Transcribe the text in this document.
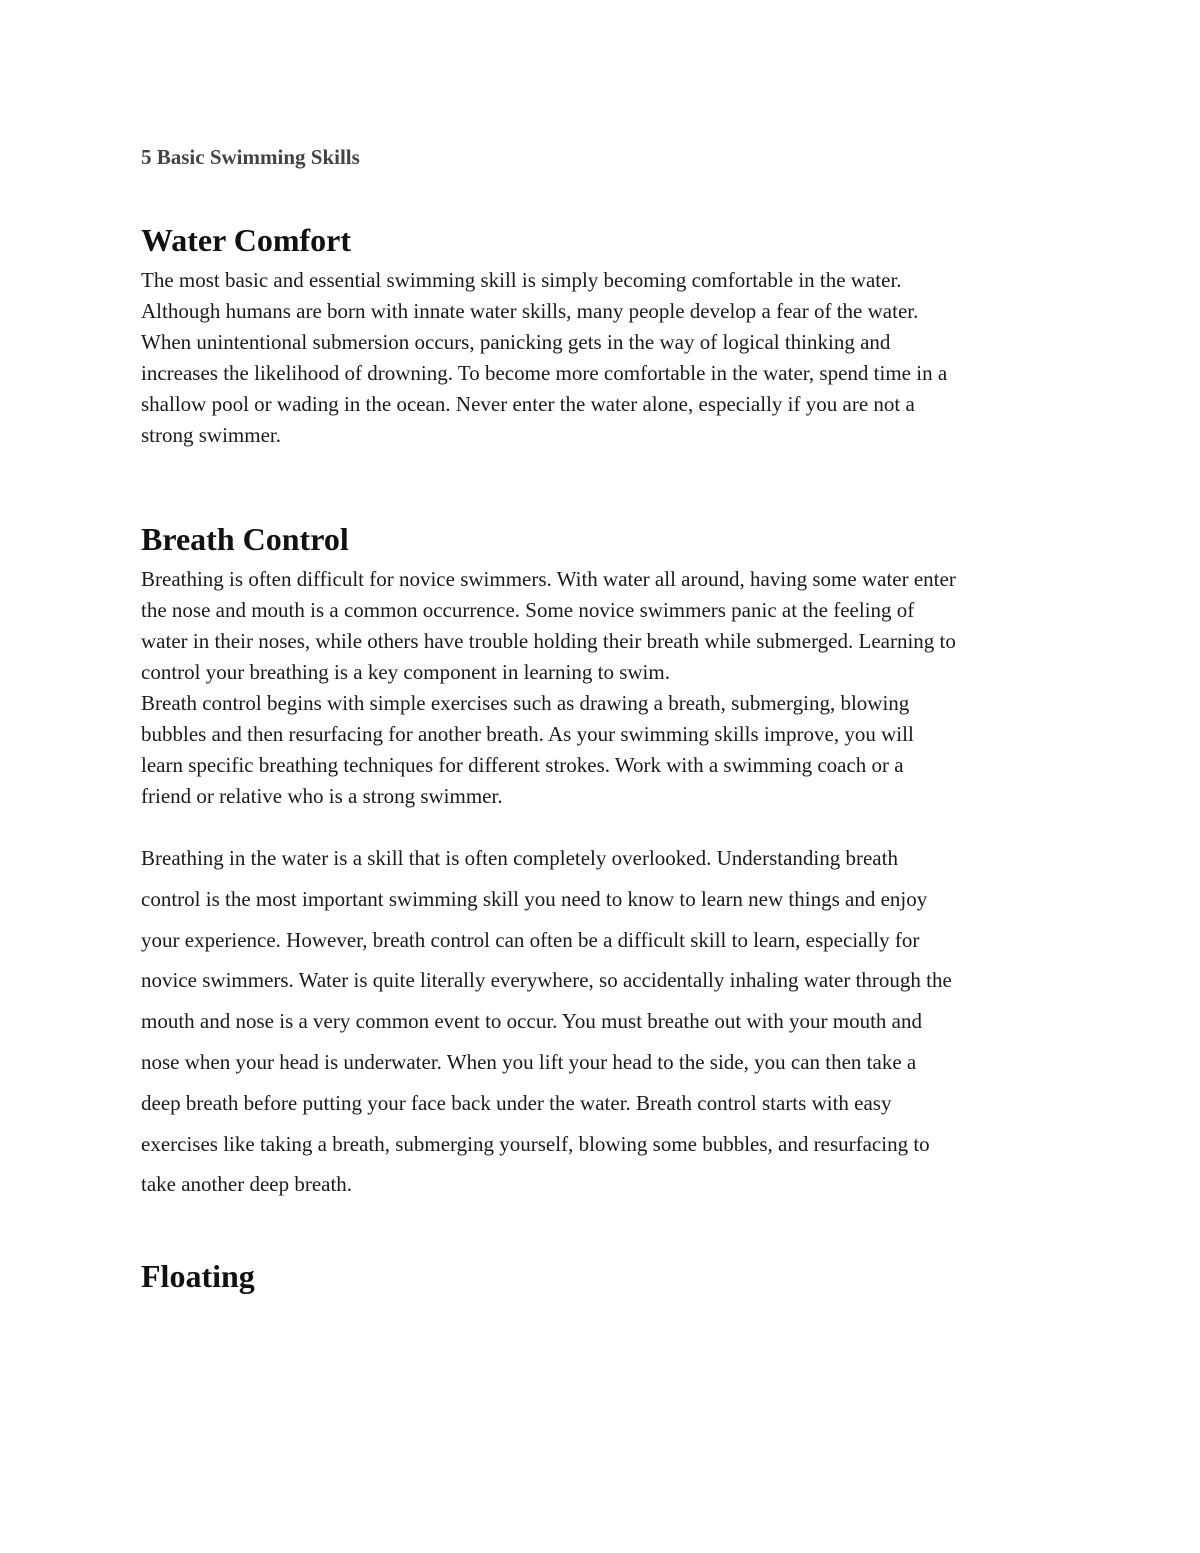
5 Basic Swimming Skills

Water Comfort

The most basic and essential swimming skill is simply becoming comfortable in the water.
Although humans are born with innate water skills, many people develop a fear of the water.
When unintentional submersion occurs, panicking gets in the way of logical thinking and
increases the likelihood of drowning. To become more comfortable in the water, spend time in a
shallow pool or wading in the ocean. Never enter the water alone, especially if you are not a
strong swimmer.

Breath Control

Breathing is often difficult for novice swimmers. With water all around, having some water enter
the nose and mouth is a common occurrence. Some novice swimmers panic at the feeling of
water in their noses, while others have trouble holding their breath while submerged. Learning to
control your breathing is a key component in learning to swim.
Breath control begins with simple exercises such as drawing a breath, submerging, blowing
bubbles and then resurfacing for another breath. As your swimming skills improve, you will
learn specific breathing techniques for different strokes. Work with a swimming coach or a
friend or relative who is a strong swimmer.

Breathing in the water is a skill that is often completely overlooked. Understanding breath
control is the most important swimming skill you need to know to learn new things and enjoy
your experience. However, breath control can often be a difficult skill to learn, especially for
novice swimmers. Water is quite literally everywhere, so accidentally inhaling water through the
mouth and nose is a very common event to occur. You must breathe out with your mouth and
nose when your head is underwater. When you lift your head to the side, you can then take a
deep breath before putting your face back under the water. Breath control starts with easy
exercises like taking a breath, submerging yourself, blowing some bubbles, and resurfacing to
take another deep breath.

Floating
